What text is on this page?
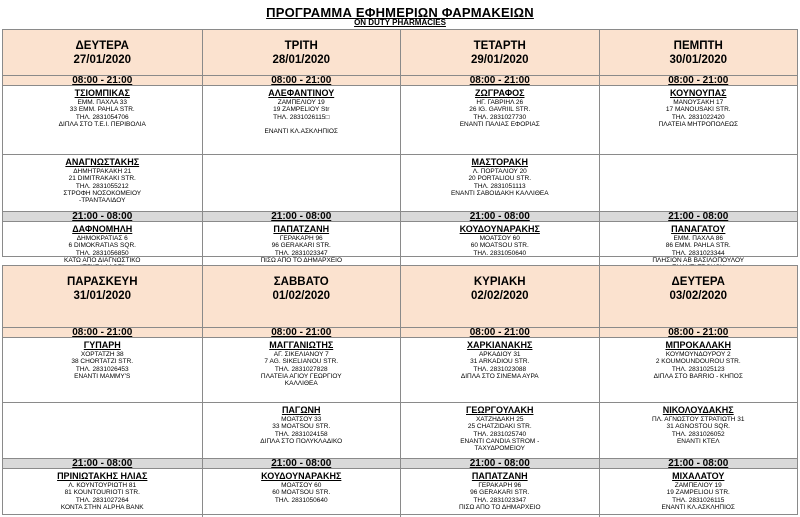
ΠΡΟΓΡΑΜΜΑ ΕΦΗΜΕΡΙΩΝ ΦΑΡΜΑΚΕΙΩΝ
ON DUTY PHARMACIES
ΔΕΥΤΕΡΑ
27/01/2020
08:00 - 21:00
ΤΣΙΟΜΠΙΚΑΣ
ΕΜΜ. ΠΑΧΛΑ 33
33 EMM. PAHLA STR.
ΤΗΛ. 2831054706
ΔΙΠΛΑ ΣΤΟ Τ.Ε.Ι. ΠΕΡΙΒΟΛΙΑ
ΑΝΑΓΝΩΣΤΑΚΗΣ
ΔΗΜΗΤΡΑΚΑΚΗ 21
21 DIMITRAKAKI STR.
ΤΗΛ. 2831055212
ΣΤΡΟΦΗ ΝΟΣΟΚΟΜΕΙΟΥ
-ΤΡΑΝΤΑΛΙΔΟΥ
21:00 - 08:00
ΔΑΦΝΟΜΗΛΗ
ΔΗΜΟΚΡΑΤΙΑΣ 6
6 DIMOKRATIAS SQR.
ΤΗΛ. 2831056850
ΚΑΤΩ ΑΠΟ ΔΙΑΓΝΩΣΤΙΚΟ
ΤΡΙΤΗ
28/01/2020
08:00 - 21:00
ΑΛΕΦΑΝΤΙΝΟΥ
ΖΑΜΠΕΛΙΟΥ 19
19 ZAMPELIOY Str
ΤΗΛ. 2831026115□
ΕΝΑΝΤΙ ΚΛ.ΑΣΚΛΗΠΙΟΣ
21:00 - 08:00
ΠΑΠΑΤΖΑΝΗ
ΓΕΡΑΚΑΡΗ 96
96 GERAKARI STR.
ΤΗΛ. 2831023347
ΠΙΣΩ ΑΠΟ ΤΟ ΔΗΜΑΡΧΕΙΟ
ΤΕΤΑΡΤΗ
29/01/2020
08:00 - 21:00
ΖΩΓΡΑΦΟΣ
ΗΓ. ΓΑΒΡΙΗΛ 26
26 IG. GAVRIIL STR.
ΤΗΛ. 2831027730
ΕΝΑΝΤΙ ΠΑΛΙΑΣ ΕΦΟΡΙΑΣ
ΜΑΣΤΟΡΑΚΗ
Λ. ΠΟΡΤΑΛΙΟΥ 20
20 PORTALIOU STR.
ΤΗΛ. 2831051113
ΕΝΑΝΤΙ ΣΑΒΟΙΔΑΚΗ ΚΑΛΛΙΘΕΑ
21:00 - 08:00
ΚΟΥΔΟΥΝΑΡΑΚΗΣ
ΜΟΑΤΣΟΥ 60
60 MOATSOU STR.
ΤΗΛ. 2831050640
ΠΕΜΠΤΗ
30/01/2020
08:00 - 21:00
ΚΟΥΝΟΥΠΑΣ
ΜΑΝΟΥΣΑΚΗ 17
17 MANOUSAKI STR.
ΤΗΛ. 2831022420
ΠΛΑΤΕΙΑ ΜΗΤΡΟΠΟΛΕΩΣ
21:00 - 08:00
ΠΑΝΑΓΑΤΟΥ
ΕΜΜ. ΠΑΧΛΑ 86
86 EMM. PAHLA STR.
ΤΗΛ. 2831023344
ΠΛΗΣΙΟΝ ΑΒ ΒΑΣΙΛΟΠΟΥΛΟΥ
ΠΑΡΑΣΚΕΥΗ
31/01/2020
08:00 - 21:00
ΓΥΠΑΡΗ
ΧΟΡΤΑΤΖΗ 38
38 CHORTATZI STR.
ΤΗΛ. 2831026453
ΕΝΑΝΤΙ MAMMY'S
21:00 - 08:00
ΠΡΙΝΙΩΤΑΚΗΣ ΗΛΙΑΣ
Λ. ΚΟΥΝΤΟΥΡΙΩΤΗ 81
81 KOUNTOURIOTI STR.
ΤΗΛ. 2831027264
ΚΟΝΤΑ ΣΤΗΝ ALPHA BANK
ΣΑΒΒΑΤΟ
01/02/2020
08:00 - 21:00
ΜΑΓΓΑΝΙΩΤΗΣ
ΑΓ. ΣΙΚΕΛΙΑΝΟΥ 7
7 AG. SIKELIANOU STR.
ΤΗΛ. 2831027828
ΠΛΑΤΕΙΑ ΑΓΙΟΥ ΓΕΩΡΓΙΟΥ
ΚΑΛΛΙΘΕΑ
ΠΑΓΩΝΗ
ΜΟΑΤΣΟΥ 33
33 MOATSOU STR.
ΤΗΛ. 2831024158
ΔΙΠΛΑ ΣΤΟ ΠΟΛΥΚΛΑΔΙΚΟ
21:00 - 08:00
ΚΟΥΔΟΥΝΑΡΑΚΗΣ
ΜΟΑΤΣΟΥ 60
60 MOATSOU STR.
ΤΗΛ. 2831050640
ΚΥΡΙΑΚΗ
02/02/2020
08:00 - 21:00
ΧΑΡΚΙΑΝΑΚΗΣ
ΑΡΚΑΔΙΟΥ 31
31 ARKADIOU STR.
ΤΗΛ. 2831023088
ΔΙΠΛΑ ΣΤΟ ΣΙΝΕΜΑ ΑΥΡΑ
ΓΕΩΡΓΟΥΛΑΚΗ
ΧΑΤΖΗΔΑΚΗ 25
25 CHATZIDAKI STR.
ΤΗΛ. 2831025740
ΕΝΑΝΤΙ CANDIA STROM -
ΤΑΧΥΔΡΟΜΕΙΟΥ
21:00 - 08:00
ΠΑΠΑΤΖΑΝΗ
ΓΕΡΑΚΑΡΗ 96
96 GERAKARI STR.
ΤΗΛ. 2831023347
ΠΙΣΩ ΑΠΟ ΤΟ ΔΗΜΑΡΧΕΙΟ
ΔΕΥΤΕΡΑ
03/02/2020
08:00 - 21:00
ΜΠΡΟΚΑΛΑΚΗ
ΚΟΥΜΟΥΝΔΟΥΡΟΥ 2
2 KOUMOUNDOUROU STR.
ΤΗΛ. 2831025123
ΔΙΠΛΑ ΣΤΟ BARRIO - ΚΗΠΟΣ
ΝΙΚΟΛΟΥΔΑΚΗΣ
ΠΛ. ΑΓΝΩΣΤΟΥ ΣΤΡΑΤΙΩΤΗ 31
31 AGNOSTOU SQR.
ΤΗΛ. 2831026052
ΕΝΑΝΤΙ ΚΤΕΛ
21:00 - 08:00
ΜΙΧΑΛΑΤΟΥ
ΖΑΜΠΕΛΙΟΥ 19
19 ZAMPELIOU STR.
ΤΗΛ. 2831026115
ΕΝΑΝΤΙ ΚΛ.ΑΣΚΛΗΠΙΟΣ
